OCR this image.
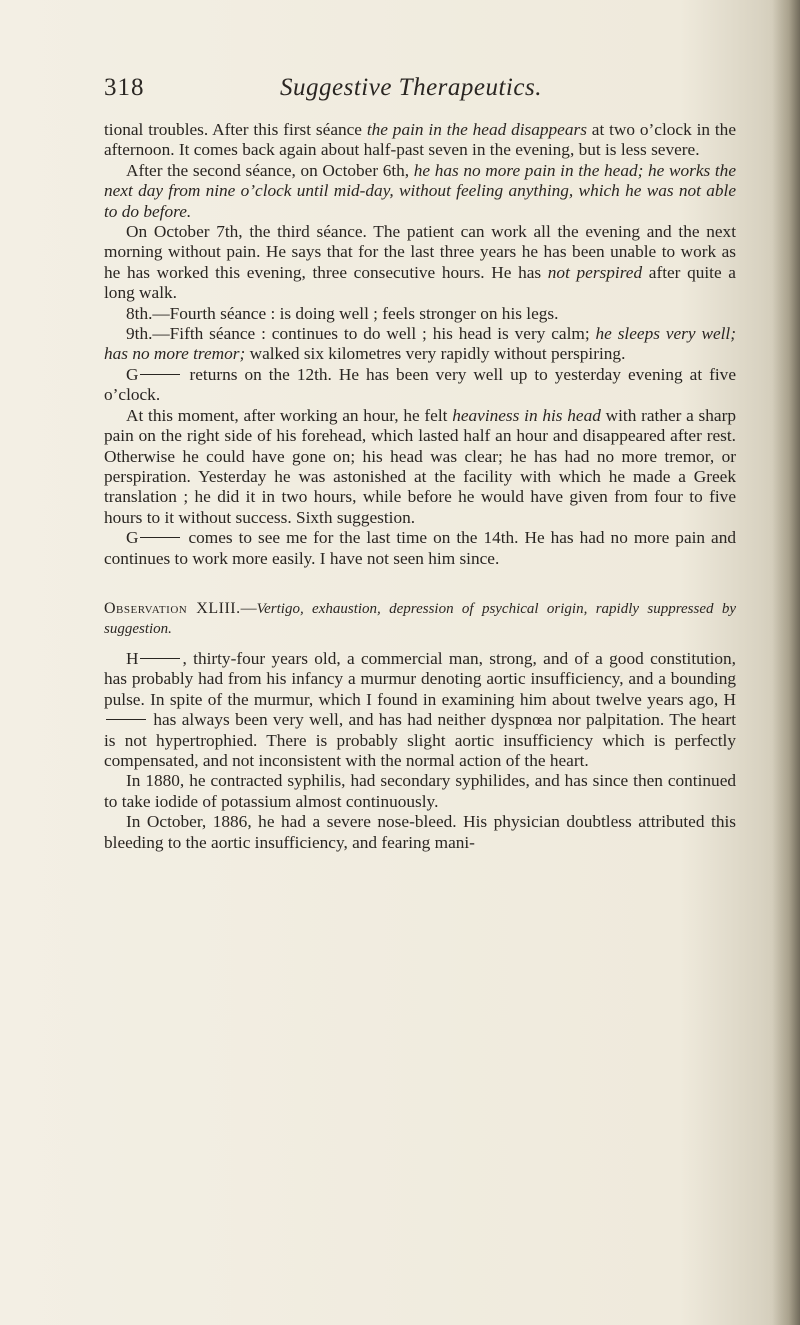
318	Suggestive Therapeutics.

tional troubles. After this first séance the pain in the head disappears at two o’clock in the afternoon. It comes back again about half-past seven in the evening, but is less severe.

After the second séance, on October 6th, he has no more pain in the head; he works the next day from nine o’clock until mid-day, without feeling anything, which he was not able to do before.

On October 7th, the third séance. The patient can work all the evening and the next morning without pain. He says that for the last three years he has been unable to work as he has worked this evening, three consecutive hours. He has not perspired after quite a long walk.

8th.—Fourth séance : is doing well ; feels stronger on his legs.

9th.—Fifth séance : continues to do well ; his head is very calm; he sleeps very well; has no more tremor; walked six kilometres very rapidly without perspiring.

G	returns on the 12th. He has been very well up to yesterday evening at five o’clock.

At this moment, after working an hour, he felt heaviness in his head with rather a sharp pain on the right side of his forehead, which lasted half an hour and disappeared after rest. Otherwise he could have gone on; his head was clear; he has had no more tremor, or perspiration. Yesterday he was astonished at the facility with which he made a Greek translation ; he did it in two hours, while before he would have given from four to five hours to it without success. Sixth suggestion.

G	comes to see me for the last time on the 14th. He has had no more pain and continues to work more easily. I have not seen him since.

Observation XLIII.—Vertigo, exhaustion, depression of psychical origin, rapidly suppressed by suggestion.

H	, thirty-four years old, a commercial man, strong, and of a good constitution, has probably had from his infancy a murmur denoting aortic insufficiency, and a bounding pulse. In spite of the murmur, which I found in examining him about twelve years ago, H has always been very well, and has had neither dyspnœa nor palpitation. The heart is not hypertrophied. There is probably slight aortic insufficiency which is perfectly compensated, and not inconsistent with the normal action of the heart.

In 1880, he contracted syphilis, had secondary syphilides, and has since then continued to take iodide of potassium almost continuously.

In October, 1886, he had a severe nose-bleed. His physician doubtless attributed this bleeding to the aortic insufficiency, and fearing mani-
